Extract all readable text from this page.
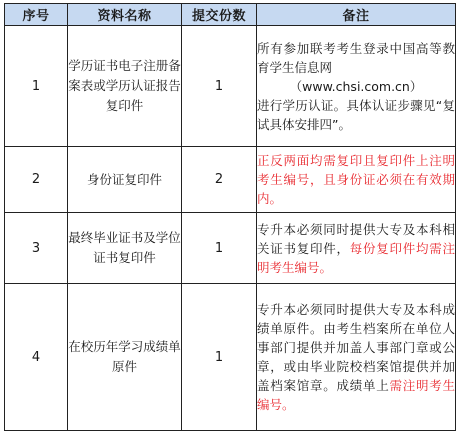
序号	资料名称	提交份数	备注
1	学历证书电子注册备案表或学历认证报告复印件	1	所有参加联考考生登录中国高等教育学生信息网
（www.chsi.com.cn）
进行学历认证。具体认证步骤见“复试具体安排四”。
2	身份证复印件	2	正反两面均需复印且复印件上注明考生编号，且身份证必须在有效期内。
3	最终毕业证书及学位证书复印件	1	专升本必须同时提供大专及本科相关证书复印件，每份复印件均需注明考生编号。
4	在校历年学习成绩单原件	1	专升本必须同时提供大专及本科成绩单原件。由考生档案所在单位人事部门提供并加盖人事部门章或公章，或由毕业院校档案馆提供并加盖档案馆章。成绩单上需注明考生编号。
